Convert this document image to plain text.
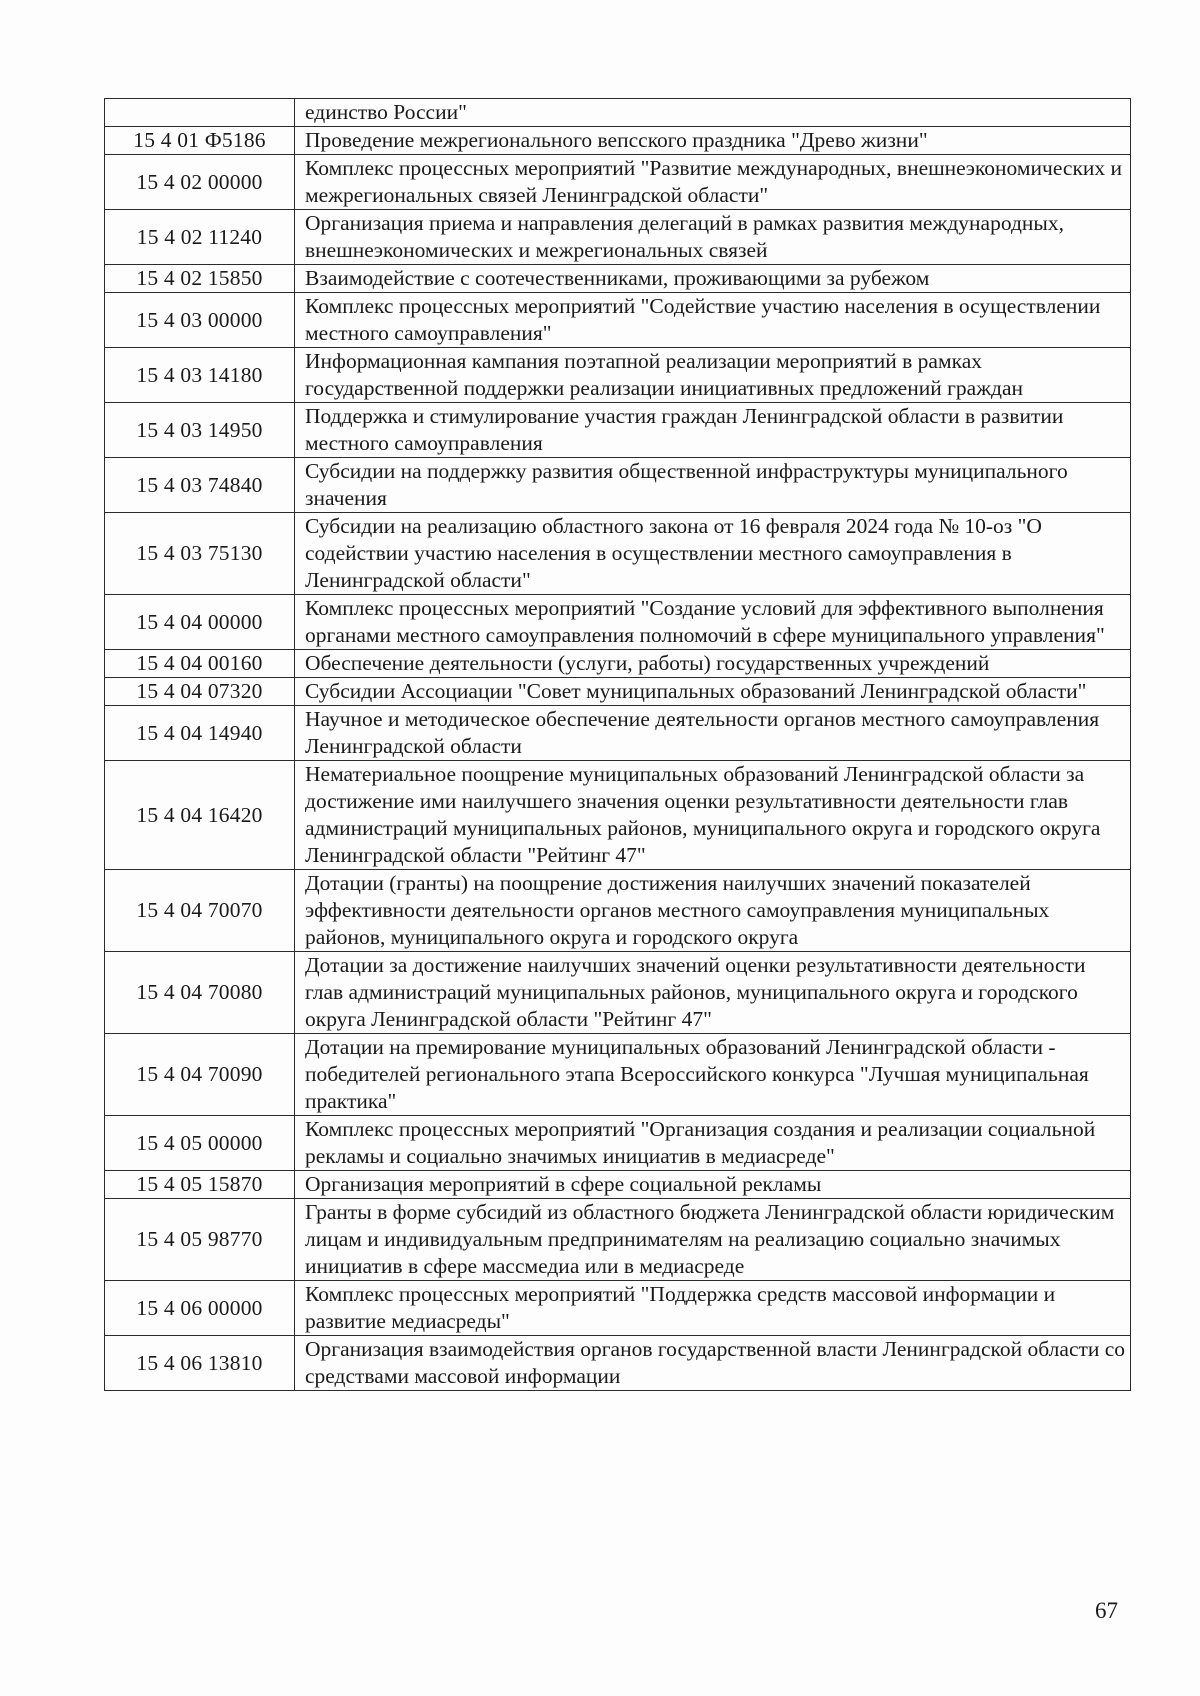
	единство России"
15 4 01 Ф5186	Проведение межрегионального вепсского праздника "Древо жизни"
15 4 02 00000	Комплекс процессных мероприятий "Развитие международных, внешнеэкономических и межрегиональных связей Ленинградской области"
15 4 02 11240	Организация приема и направления делегаций в рамках развития международных, внешнеэкономических и межрегиональных связей
15 4 02 15850	Взаимодействие с соотечественниками, проживающими за рубежом
15 4 03 00000	Комплекс процессных мероприятий "Содействие участию населения в осуществлении местного самоуправления"
15 4 03 14180	Информационная кампания поэтапной реализации мероприятий в рамках государственной поддержки реализации инициативных предложений граждан
15 4 03 14950	Поддержка и стимулирование участия граждан Ленинградской области в развитии местного самоуправления
15 4 03 74840	Субсидии на поддержку развития общественной инфраструктуры муниципального значения
15 4 03 75130	Субсидии на реализацию областного закона от 16 февраля 2024 года № 10-оз "О содействии участию населения в осуществлении местного самоуправления в Ленинградской области"
15 4 04 00000	Комплекс процессных мероприятий "Создание условий для эффективного выполнения органами местного самоуправления полномочий в сфере муниципального управления"
15 4 04 00160	Обеспечение деятельности (услуги, работы) государственных учреждений
15 4 04 07320	Субсидии Ассоциации "Совет муниципальных образований Ленинградской области"
15 4 04 14940	Научное и методическое обеспечение деятельности органов местного самоуправления Ленинградской области
15 4 04 16420	Нематериальное поощрение муниципальных образований Ленинградской области за достижение ими наилучшего значения оценки результативности деятельности глав администраций муниципальных районов, муниципального округа и городского округа Ленинградской области "Рейтинг 47"
15 4 04 70070	Дотации (гранты) на поощрение достижения наилучших значений показателей эффективности деятельности органов местного самоуправления муниципальных районов, муниципального округа и городского округа
15 4 04 70080	Дотации за достижение наилучших значений оценки результативности деятельности глав администраций муниципальных районов, муниципального округа и городского округа Ленинградской области "Рейтинг 47"
15 4 04 70090	Дотации на премирование муниципальных образований Ленинградской области - победителей регионального этапа Всероссийского конкурса "Лучшая муниципальная практика"
15 4 05 00000	Комплекс процессных мероприятий "Организация создания и реализации социальной рекламы и социально значимых инициатив в медиасреде"
15 4 05 15870	Организация мероприятий в сфере социальной рекламы
15 4 05 98770	Гранты в форме субсидий из областного бюджета Ленинградской области юридическим лицам и индивидуальным предпринимателям на реализацию социально значимых инициатив в сфере массмедиа или в медиасреде
15 4 06 00000	Комплекс процессных мероприятий "Поддержка средств массовой информации и развитие медиасреды"
15 4 06 13810	Организация взаимодействия органов государственной власти Ленинградской области со средствами массовой информации
67
